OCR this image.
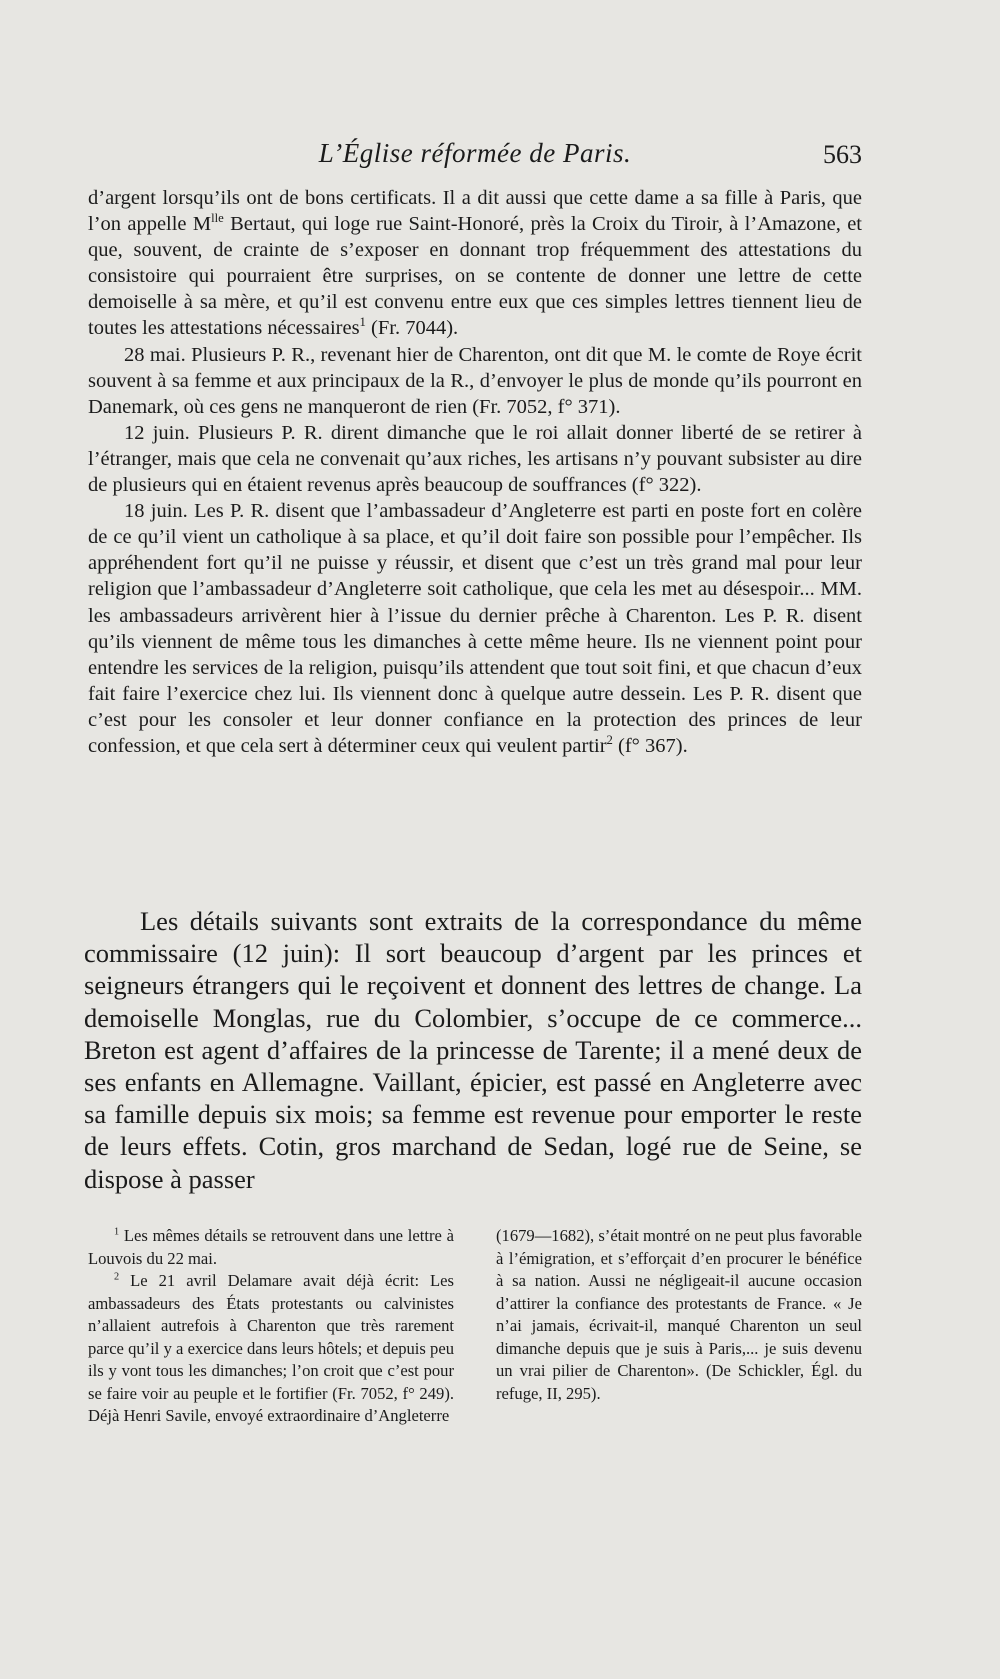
L’Église réformée de Paris.	563

d’argent lorsqu’ils ont de bons certificats. Il a dit aussi que cette dame a sa fille à Paris, que l’on appelle $M^{lle}$ Bertaut, qui loge rue Saint-Honoré, près la Croix du Tiroir, à l’Amazone, et que, souvent, de crainte de s’exposer en donnant trop fréquemment des attestations du consistoire qui pourraient être surprises, on se contente de donner une lettre de cette demoiselle à sa mère, et qu’il est convenu entre eux que ces simples lettres tiennent lieu de toutes les attestations nécessaires$^1$ (Fr. 7044).

28 mai. Plusieurs P. R., revenant hier de Charenton, ont dit que M. le comte de Roye écrit souvent à sa femme et aux principaux de la R., d’envoyer le plus de monde qu’ils pourront en Danemark, où ces gens ne manqueront de rien (Fr. 7052, f° 371).

12 juin. Plusieurs P. R. dirent dimanche que le roi allait donner liberté de se retirer à l’étranger, mais que cela ne convenait qu’aux riches, les artisans n’y pouvant subsister au dire de plusieurs qui en étaient revenus après beaucoup de souffrances (f° 322).

18 juin. Les P. R. disent que l’ambassadeur d’Angleterre est parti en poste fort en colère de ce qu’il vient un catholique à sa place, et qu’il doit faire son possible pour l’empêcher. Ils appréhendent fort qu’il ne puisse y réussir, et disent que c’est un très grand mal pour leur religion que l’ambassadeur d’Angleterre soit catholique, que cela les met au désespoir... MM. les ambassadeurs arrivèrent hier à l’issue du dernier prêche à Charenton. Les P. R. disent qu’ils viennent de même tous les dimanches à cette même heure. Ils ne viennent point pour entendre les services de la religion, puisqu’ils attendent que tout soit fini, et que chacun d’eux fait faire l’exercice chez lui. Ils viennent donc à quelque autre dessein. Les P. R. disent que c’est pour les consoler et leur donner confiance en la protection des princes de leur confession, et que cela sert à déterminer ceux qui veulent partir$^2$ (f° 367).

Les détails suivants sont extraits de la correspondance du même commissaire (12 juin): Il sort beaucoup d’argent par les princes et seigneurs étrangers qui le reçoivent et donnent des lettres de change. La demoiselle Monglas, rue du Colombier, s’occupe de ce commerce... Breton est agent d’affaires de la princesse de Tarente; il a mené deux de ses enfants en Allemagne. Vaillant, épicier, est passé en Angleterre avec sa famille depuis six mois; sa femme est revenue pour emporter le reste de leurs effets. Cotin, gros marchand de Sedan, logé rue de Seine, se dispose à passer

$^1$ Les mêmes détails se retrouvent dans une lettre à Louvois du 22 mai.

$^2$ Le 21 avril Delamare avait déjà écrit: Les ambassadeurs des États protestants ou calvinistes n’allaient autrefois à Charenton que très rarement parce qu’il y a exercice dans leurs hôtels; et depuis peu ils y vont tous les dimanches; l’on croit que c’est pour se faire voir au peuple et le fortifier (Fr. 7052, f° 249). Déjà Henri Savile, envoyé extraordinaire d’Angleterre

(1679—1682), s’était montré on ne peut plus favorable à l’émigration, et s’efforçait d’en procurer le bénéfice à sa nation. Aussi ne négligeait-il aucune occasion d’attirer la confiance des protestants de France. « Je n’ai jamais, écrivait-il, manqué Charenton un seul dimanche depuis que je suis à Paris,... je suis devenu un vrai pilier de Charenton». (De Schickler, Égl. du refuge, II, 295).
